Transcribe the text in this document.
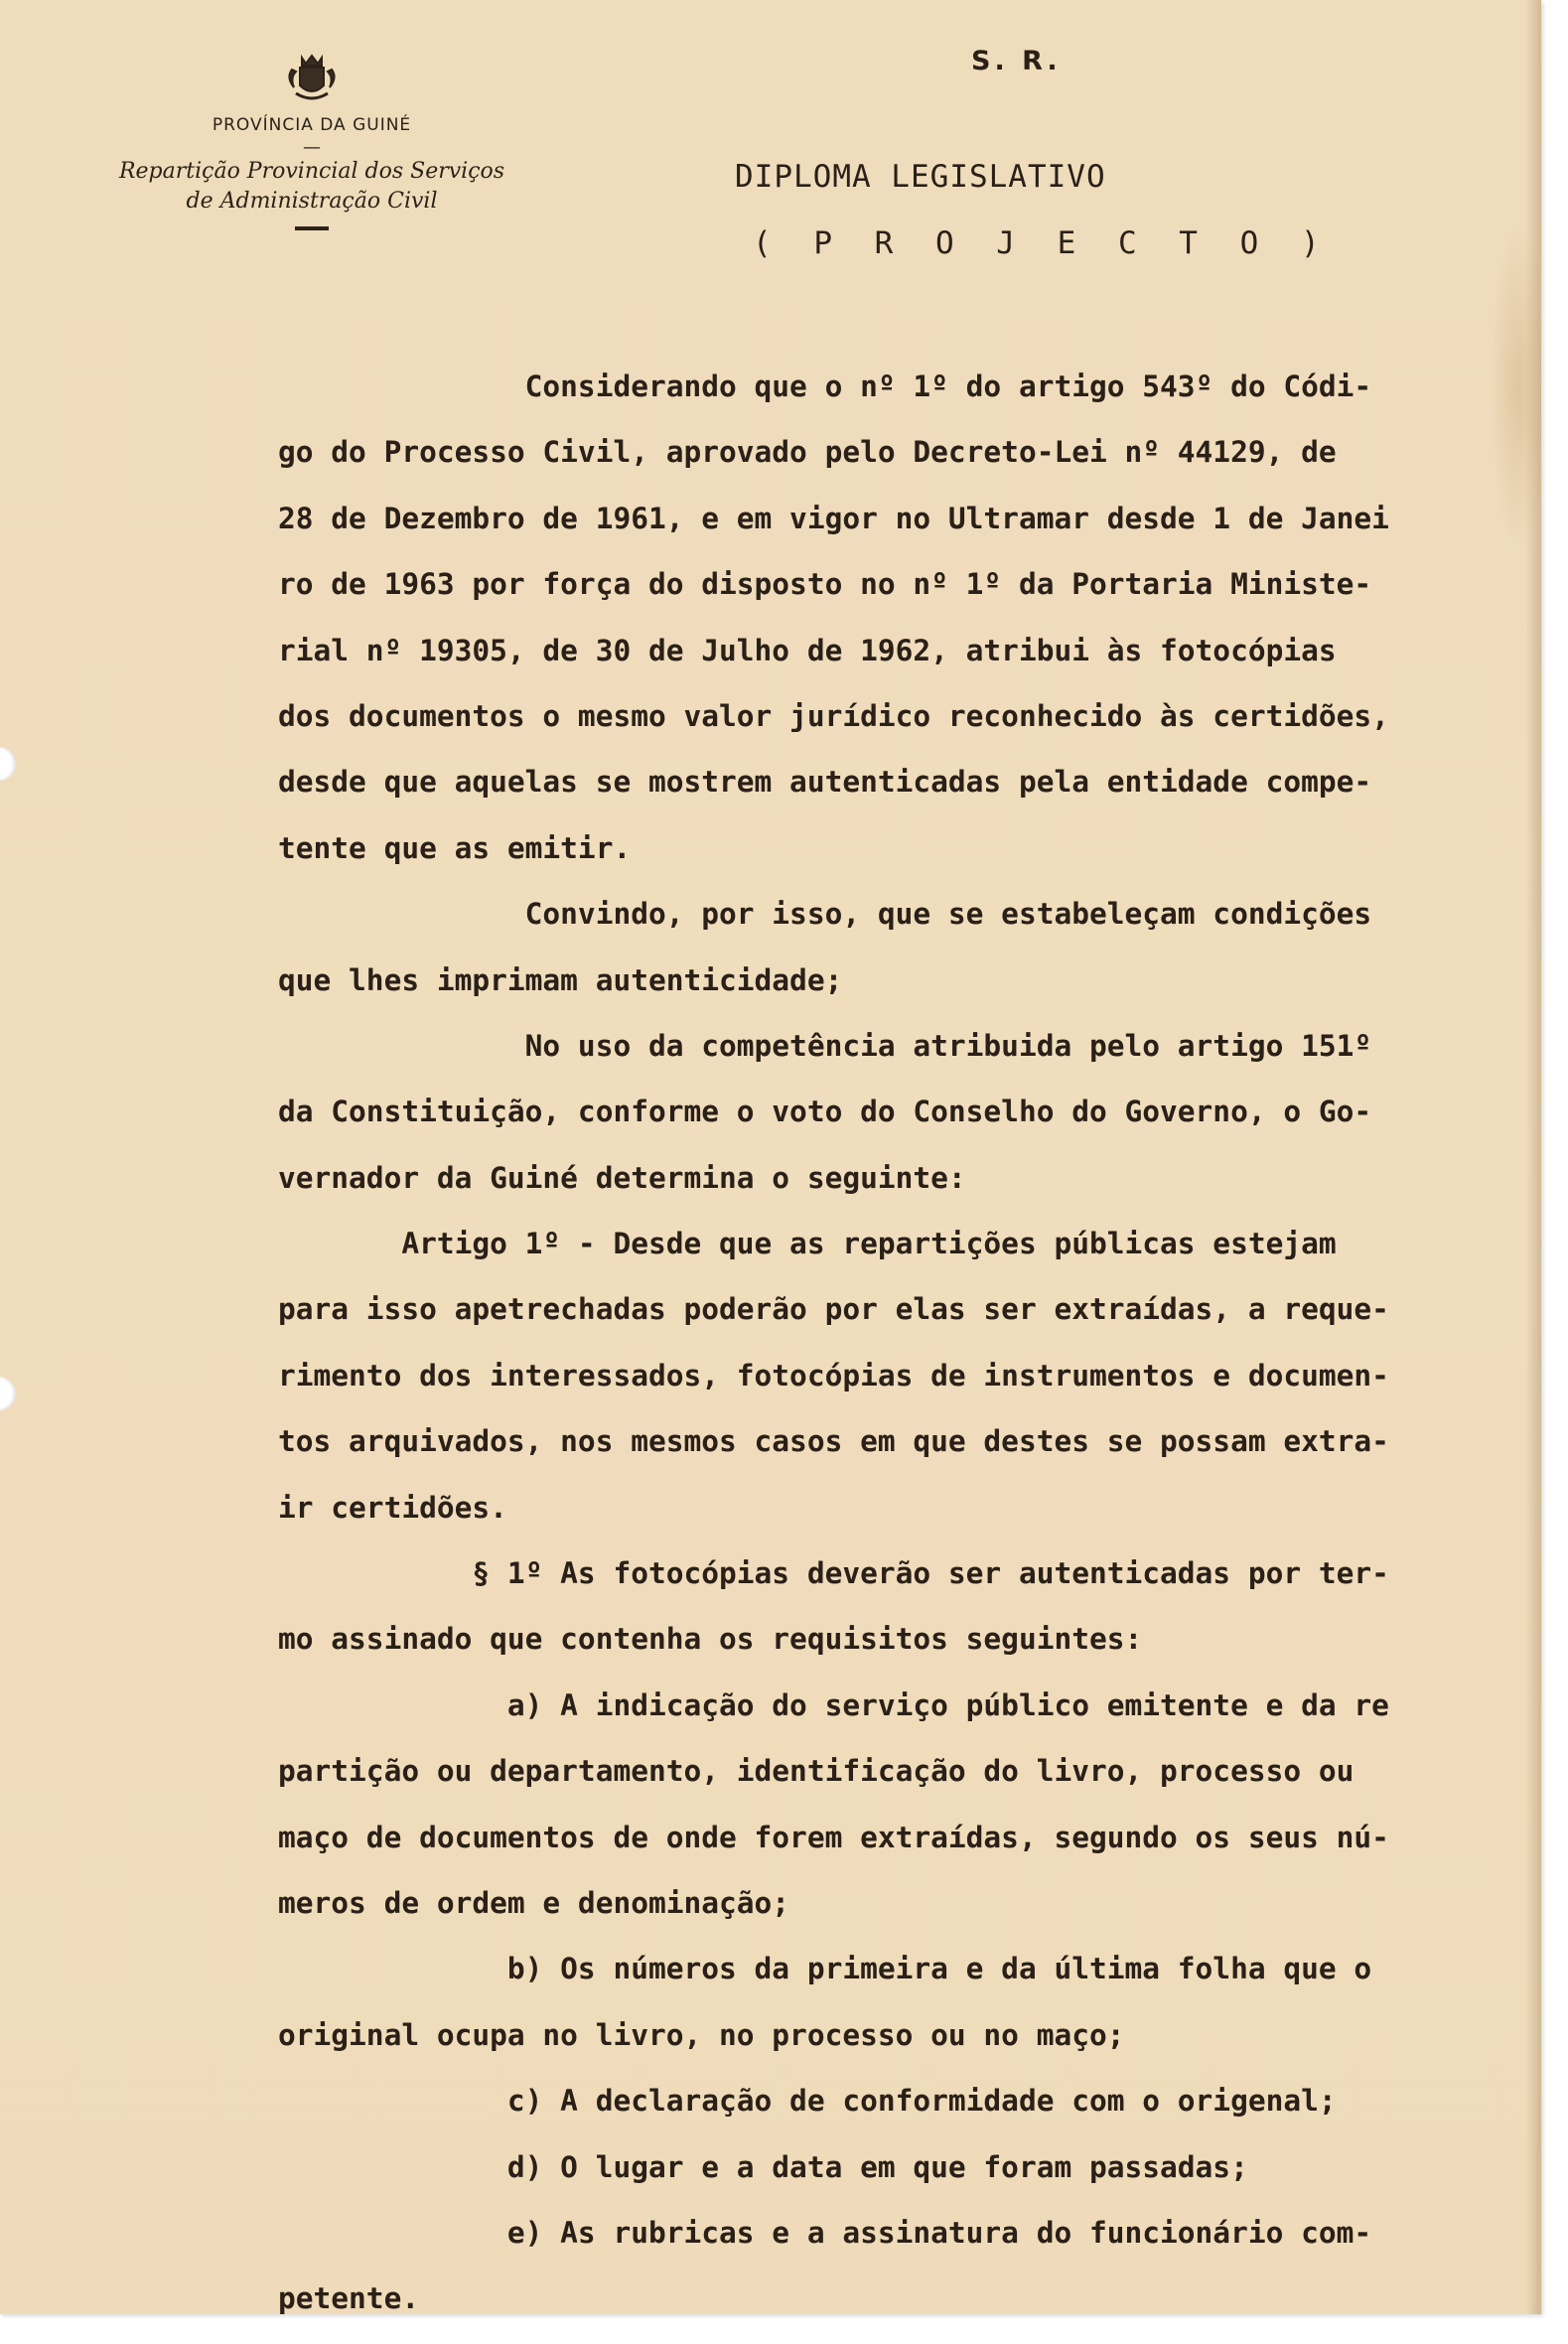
PROVÍNCIA DA GUINÉ
—
Repartição Provincial dos Serviços
de Administração Civil
S. R.
DIPLOMA LEGISLATIVO
( P R O J E C T O )
Considerando que o nº 1º do artigo 543º do Códi-
go do Processo Civil, aprovado pelo Decreto-Lei nº 44129, de
28 de Dezembro de 1961, e em vigor no Ultramar desde 1 de Janei
ro de 1963 por força do disposto no nº 1º da Portaria Ministe-
rial nº 19305, de 30 de Julho de 1962, atribui às fotocópias
dos documentos o mesmo valor jurídico reconhecido às certidões,
desde que aquelas se mostrem autenticadas pela entidade compe-
tente que as emitir.
Convindo, por isso, que se estabeleçam condições
que lhes imprimam autenticidade;
No uso da competência atribuida pelo artigo 151º
da Constituição, conforme o voto do Conselho do Governo, o Go-
vernador da Guiné determina o seguinte:
Artigo 1º - Desde que as repartições públicas estejam
para isso apetrechadas poderão por elas ser extraídas, a reque-
rimento dos interessados, fotocópias de instrumentos e documen-
tos arquivados, nos mesmos casos em que destes se possam extra-
ir certidões.
§ 1º As fotocópias deverão ser autenticadas por ter-
mo assinado que contenha os requisitos seguintes:
a) A indicação do serviço público emitente e da re
partição ou departamento, identificação do livro, processo ou
maço de documentos de onde forem extraídas, segundo os seus nú-
meros de ordem e denominação;
b) Os números da primeira e da última folha que o
original ocupa no livro, no processo ou no maço;
c) A declaração de conformidade com o origenal;
d) O lugar e a data em que foram passadas;
e) As rubricas e a assinatura do funcionário com-
petente.
